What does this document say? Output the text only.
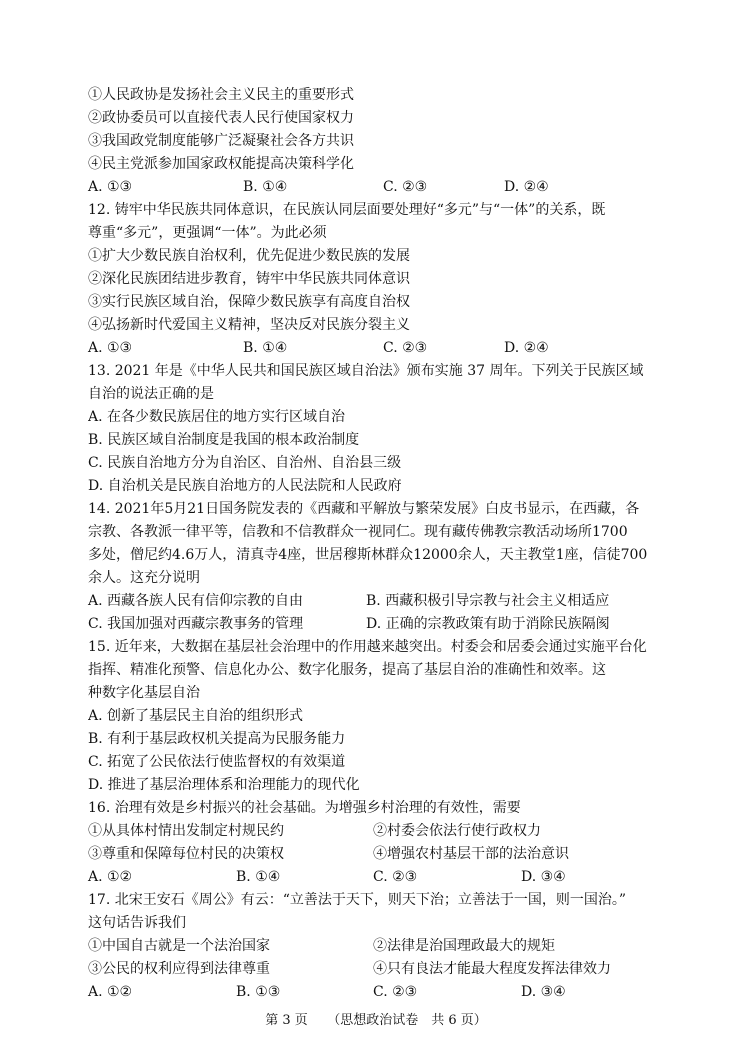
①人民政协是发扬社会主义民主的重要形式
②政协委员可以直接代表人民行使国家权力
③我国政党制度能够广泛凝聚社会各方共识
④民主党派参加国家政权能提高决策科学化
A. ①③	B. ①④	C. ②③	D. ②④
12. 铸牢中华民族共同体意识，在民族认同层面要处理好“多元”与“一体”的关系，既
尊重“多元”，更强调“一体”。为此必须
①扩大少数民族自治权利，优先促进少数民族的发展
②深化民族团结进步教育，铸牢中华民族共同体意识
③实行民族区域自治，保障少数民族享有高度自治权
④弘扬新时代爱国主义精神，坚决反对民族分裂主义
A. ①③	B. ①④	C. ②③	D. ②④
13. 2021 年是《中华人民共和国民族区域自治法》颁布实施 37 周年。下列关于民族区域
自治的说法正确的是
A. 在各少数民族居住的地方实行区域自治
B. 民族区域自治制度是我国的根本政治制度
C. 民族自治地方分为自治区、自治州、自治县三级
D. 自治机关是民族自治地方的人民法院和人民政府
14. 2021年5月21日国务院发表的《西藏和平解放与繁荣发展》白皮书显示，在西藏，各
宗教、各教派一律平等，信教和不信教群众一视同仁。现有藏传佛教宗教活动场所1700
多处，僧尼约4.6万人，清真寺4座，世居穆斯林群众12000余人，天主教堂1座，信徒700
余人。这充分说明
A. 西藏各族人民有信仰宗教的自由	B. 西藏积极引导宗教与社会主义相适应
C. 我国加强对西藏宗教事务的管理	D. 正确的宗教政策有助于消除民族隔阂
15. 近年来，大数据在基层社会治理中的作用越来越突出。村委会和居委会通过实施平台化
指挥、精准化预警、信息化办公、数字化服务，提高了基层自治的准确性和效率。这
种数字化基层自治
A. 创新了基层民主自治的组织形式
B. 有利于基层政权机关提高为民服务能力
C. 拓宽了公民依法行使监督权的有效渠道
D. 推进了基层治理体系和治理能力的现代化
16. 治理有效是乡村振兴的社会基础。为增强乡村治理的有效性，需要
①从具体村情出发制定村规民约	②村委会依法行使行政权力
③尊重和保障每位村民的决策权	④增强农村基层干部的法治意识
A. ①②	B. ①④	C. ②③	D. ③④
17. 北宋王安石《周公》有云：“立善法于天下，则天下治；立善法于一国，则一国治。”
这句话告诉我们
①中国自古就是一个法治国家	②法律是治国理政最大的规矩
③公民的权利应得到法律尊重	④只有良法才能最大程度发挥法律效力
A. ①②	B. ①③	C. ②③	D. ③④
第 3 页　　（思想政治试卷　共 6 页）
